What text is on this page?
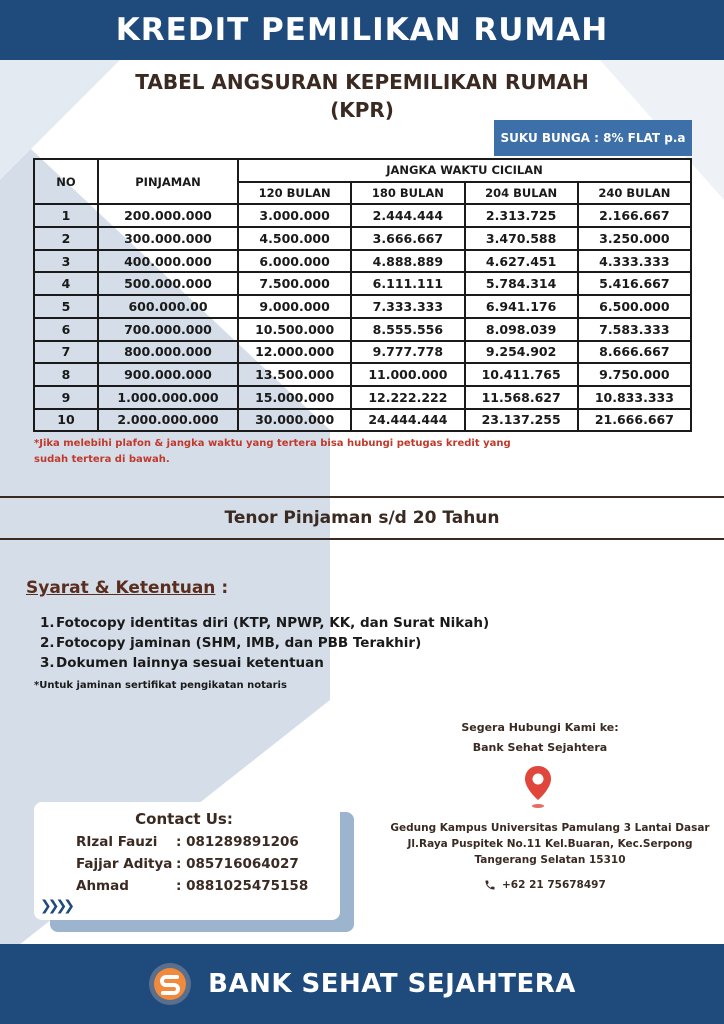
KREDIT PEMILIKAN RUMAH
TABEL ANGSURAN KEPEMILIKAN RUMAH
(KPR)
SUKU BUNGA : 8% FLAT p.a
NO	PINJAMAN	JANGKA WAKTU CICILAN			
		120 BULAN	180 BULAN	204 BULAN	240 BULAN
1	200.000.000	3.000.000	2.444.444	2.313.725	2.166.667
2	300.000.000	4.500.000	3.666.667	3.470.588	3.250.000
3	400.000.000	6.000.000	4.888.889	4.627.451	4.333.333
4	500.000.000	7.500.000	6.111.111	5.784.314	5.416.667
5	600.000.00	9.000.000	7.333.333	6.941.176	6.500.000
6	700.000.000	10.500.000	8.555.556	8.098.039	7.583.333
7	800.000.000	12.000.000	9.777.778	9.254.902	8.666.667
8	900.000.000	13.500.000	11.000.000	10.411.765	9.750.000
9	1.000.000.000	15.000.000	12.222.222	11.568.627	10.833.333
10	2.000.000.000	30.000.000	24.444.444	23.137.255	21.666.667
*Jika melebihi plafon & jangka waktu yang tertera bisa hubungi petugas kredit yang
sudah tertera di bawah.
Tenor Pinjaman s/d 20 Tahun
Syarat & Ketentuan :
1. Fotocopy identitas diri (KTP, NPWP, KK, dan Surat Nikah)
2. Fotocopy jaminan (SHM, IMB, dan PBB Terakhir)
3. Dokumen lainnya sesuai ketentuan
*Untuk jaminan sertifikat pengikatan notaris
Contact Us:
RIzal Fauzi	: 081289891206
Fajjar Aditya : 085716064027
Ahmad	: 0881025475158
❯❯❯❯
Segera Hubungi Kami ke:
Bank Sehat Sejahtera
Gedung Kampus Universitas Pamulang 3 Lantai Dasar
Jl.Raya Puspitek No.11 Kel.Buaran, Kec.Serpong
Tangerang Selatan 15310
+62 21 75678497
BANK SEHAT SEJAHTERA
